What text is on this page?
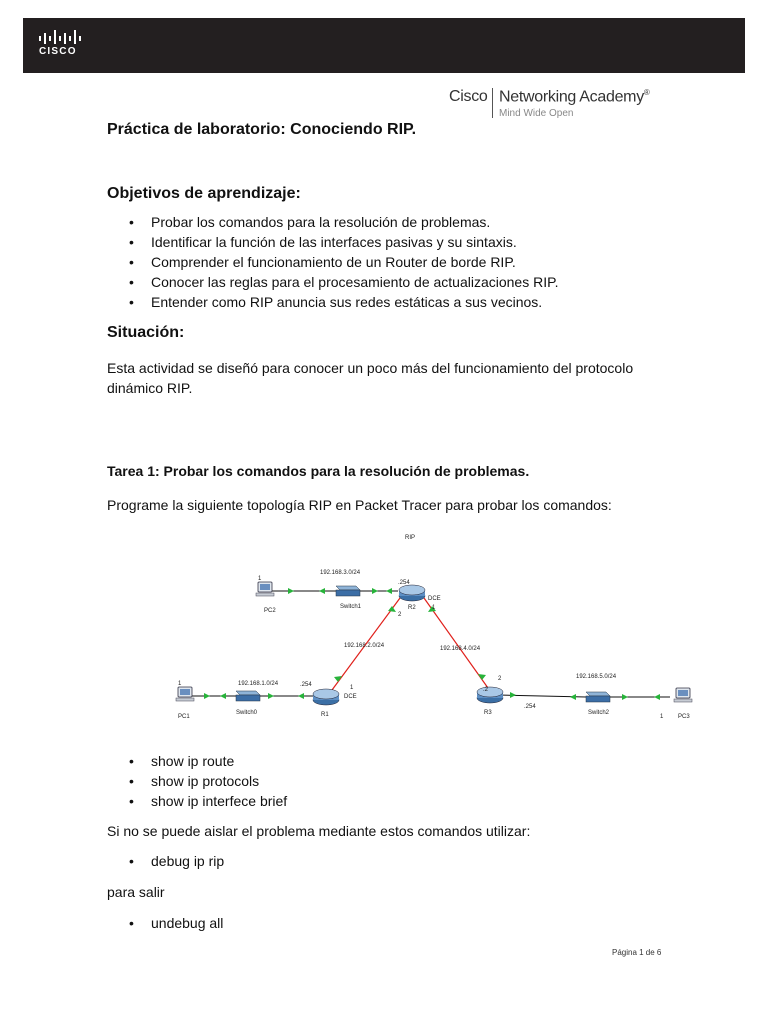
CISCO
Cisco Networking Academy®
Mind Wide Open
Práctica de laboratorio: Conociendo RIP.
Objetivos de aprendizaje:
• Probar los comandos para la resolución de problemas.
• Identificar la función de las interfaces pasivas y su sintaxis.
• Comprender el funcionamiento de un Router de borde RIP.
• Conocer las reglas para el procesamiento de actualizaciones RIP.
• Entender como RIP anuncia sus redes estáticas a sus vecinos.
Situación:

Esta actividad se diseñó para conocer un poco más del funcionamiento del protocolo dinámico RIP.

Tarea 1: Probar los comandos para la resolución de problemas.

Programe la siguiente topología RIP en Packet Tracer para probar los comandos:

RIP
192.168.3.0/24
192.168.2.0/24	192.168.4.0/24
192.168.1.0/24
192.168.5.0/24
PC2
Switch1	R2
PC1
Switch0	R1	R3	Switch2
PC3
1
.254
DCE
1
2
1	.254	1
DCE
2
.2
.254
1
• show ip route
• show ip protocols
• show ip interfece brief

Si no se puede aislar el problema mediante estos comandos utilizar:

• debug ip rip

para salir

• undebug all
Página 1 de 6
